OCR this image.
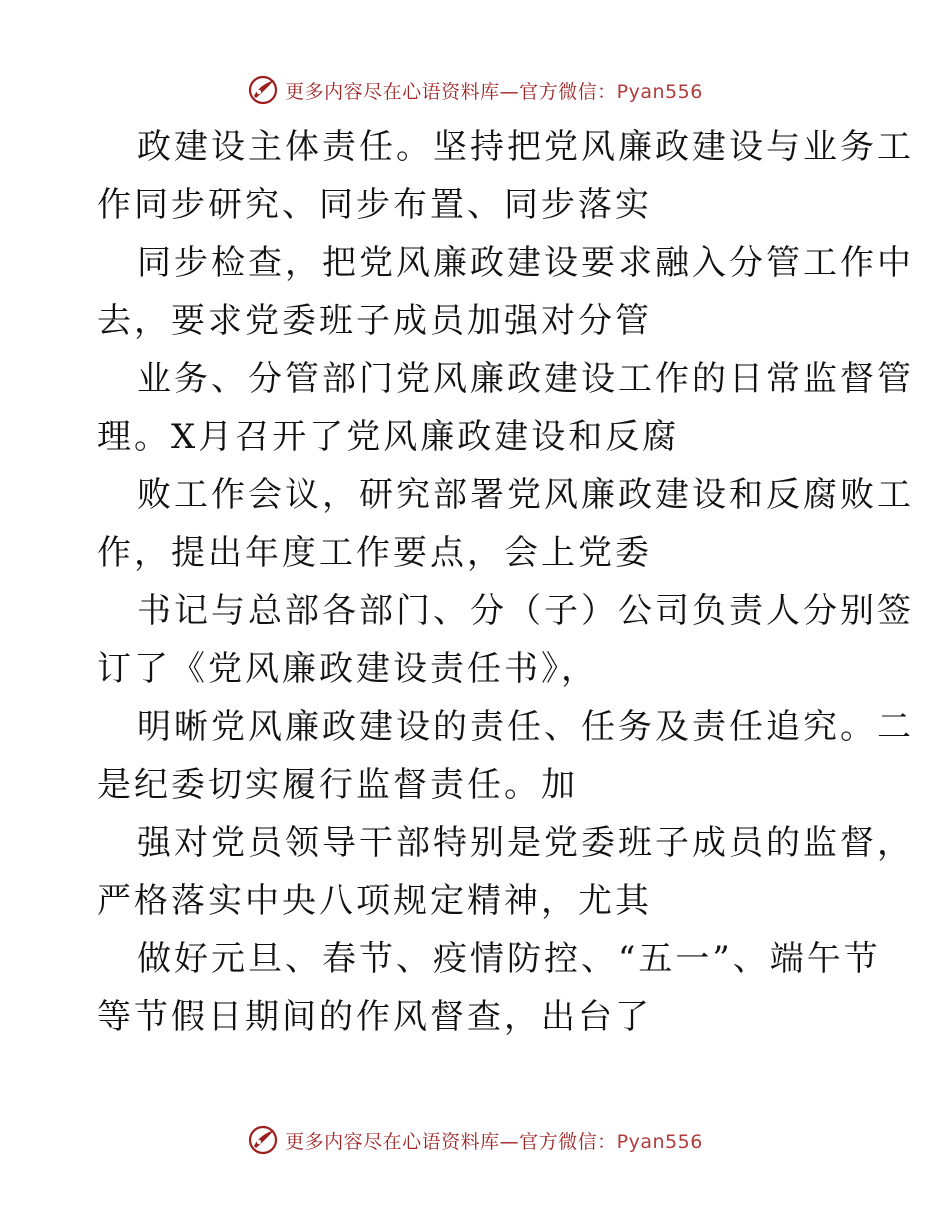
更多内容尽在心语资料库—官方微信：Pyan556
政建设主体责任。坚持把党风廉政建设与业务工
作同步研究、同步布置、同步落实
同步检查，把党风廉政建设要求融入分管工作中
去，要求党委班子成员加强对分管
业务、分管部门党风廉政建设工作的日常监督管
理。X月召开了党风廉政建设和反腐
败工作会议，研究部署党风廉政建设和反腐败工
作，提出年度工作要点，会上党委
书记与总部各部门、分（子）公司负责人分别签
订了《党风廉政建设责任书》，
明晰党风廉政建设的责任、任务及责任追究。二
是纪委切实履行监督责任。加
强对党员领导干部特别是党委班子成员的监督，
严格落实中央八项规定精神，尤其
做好元旦、春节、疫情防控、“五一”、端午节
等节假日期间的作风督查，出台了
更多内容尽在心语资料库—官方微信：Pyan556
